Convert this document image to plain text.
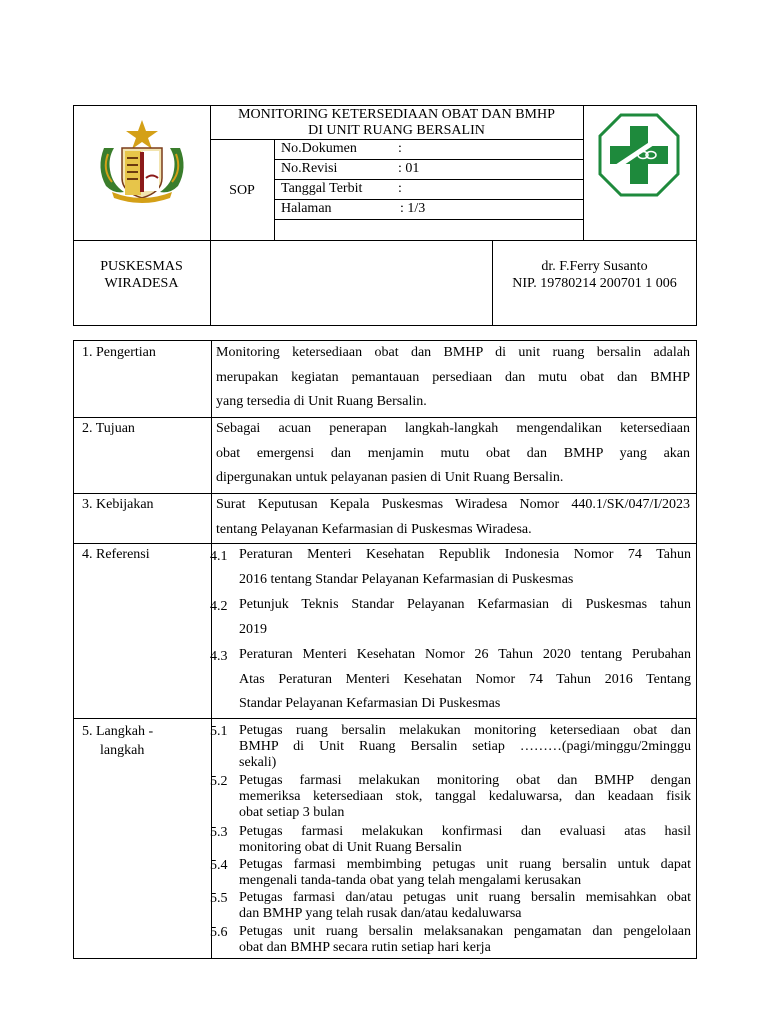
MONITORING KETERSEDIAAN OBAT DAN BMHP
DI UNIT RUANG BERSALIN
SOP
No.Dokumen	:
No.Revisi	: 01
Tanggal Terbit	:
Halaman	: 1/3
PUSKESMAS
WIRADESA
dr. F.Ferry Susanto
NIP. 19780214 200701 1 006
1. Pengertian	Monitoring ketersediaan obat dan BMHP di unit ruang bersalin adalah
merupakan kegiatan pemantauan persediaan dan mutu obat dan BMHP
yang tersedia di Unit Ruang Bersalin.
2. Tujuan	Sebagai acuan penerapan langkah-langkah mengendalikan ketersediaan
obat emergensi dan menjamin mutu obat dan BMHP yang akan
dipergunakan untuk pelayanan pasien di Unit Ruang Bersalin.
3. Kebijakan	Surat Keputusan Kepala Puskesmas Wiradesa Nomor 440.1/SK/047/I/2023
tentang Pelayanan Kefarmasian di Puskesmas Wiradesa.
4. Referensi	4.1 Peraturan Menteri Kesehatan Republik Indonesia Nomor 74 Tahun
2016 tentang Standar Pelayanan Kefarmasian di Puskesmas
4.2 Petunjuk Teknis Standar Pelayanan Kefarmasian di Puskesmas tahun
2019
4.3 Peraturan Menteri Kesehatan Nomor 26 Tahun 2020 tentang Perubahan
Atas Peraturan Menteri Kesehatan Nomor 74 Tahun 2016 Tentang
Standar Pelayanan Kefarmasian Di Puskesmas
5. Langkah -
langkah
5.1 Petugas ruang bersalin melakukan monitoring ketersediaan obat dan
BMHP di Unit Ruang Bersalin setiap ………(pagi/minggu/2minggu
sekali)
5.2 Petugas farmasi melakukan monitoring obat dan BMHP dengan
memeriksa ketersediaan stok, tanggal kedaluwarsa, dan keadaan fisik
obat setiap 3 bulan
5.3 Petugas farmasi melakukan konfirmasi dan evaluasi atas hasil
monitoring obat di Unit Ruang Bersalin
5.4 Petugas farmasi membimbing petugas unit ruang bersalin untuk dapat
mengenali tanda-tanda obat yang telah mengalami kerusakan
5.5 Petugas farmasi dan/atau petugas unit ruang bersalin memisahkan obat
dan BMHP yang telah rusak dan/atau kedaluwarsa
5.6 Petugas unit ruang bersalin melaksanakan pengamatan dan pengelolaan
obat dan BMHP secara rutin setiap hari kerja
